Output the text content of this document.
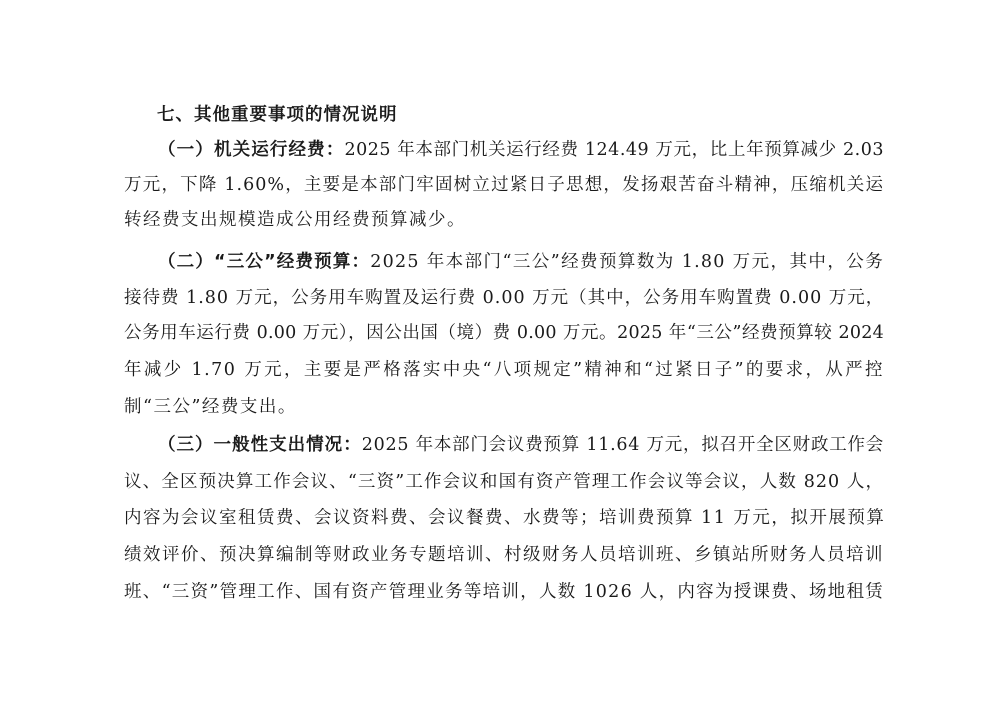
七、其他重要事项的情况说明
（一）机关运行经费：2025 年本部门机关运行经费 124.49 万元，比上年预算减少 2.03
万元，下降 1.60%，主要是本部门牢固树立过紧日子思想，发扬艰苦奋斗精神，压缩机关运
转经费支出规模造成公用经费预算减少。
（二）“三公”经费预算：2025 年本部门“三公”经费预算数为 1.80 万元，其中，公务
接待费 1.80 万元，公务用车购置及运行费 0.00 万元（其中，公务用车购置费 0.00 万元，
公务用车运行费 0.00 万元），因公出国（境）费 0.00 万元。2025 年“三公”经费预算较 2024
年减少 1.70 万元，主要是严格落实中央“八项规定”精神和“过紧日子”的要求，从严控
制“三公”经费支出。
（三）一般性支出情况：2025 年本部门会议费预算 11.64 万元，拟召开全区财政工作会
议、全区预决算工作会议、“三资”工作会议和国有资产管理工作会议等会议，人数 820 人，
内容为会议室租赁费、会议资料费、会议餐费、水费等；培训费预算 11 万元，拟开展预算
绩效评价、预决算编制等财政业务专题培训、村级财务人员培训班、乡镇站所财务人员培训
班、“三资”管理工作、国有资产管理业务等培训，人数 1026 人，内容为授课费、场地租赁
